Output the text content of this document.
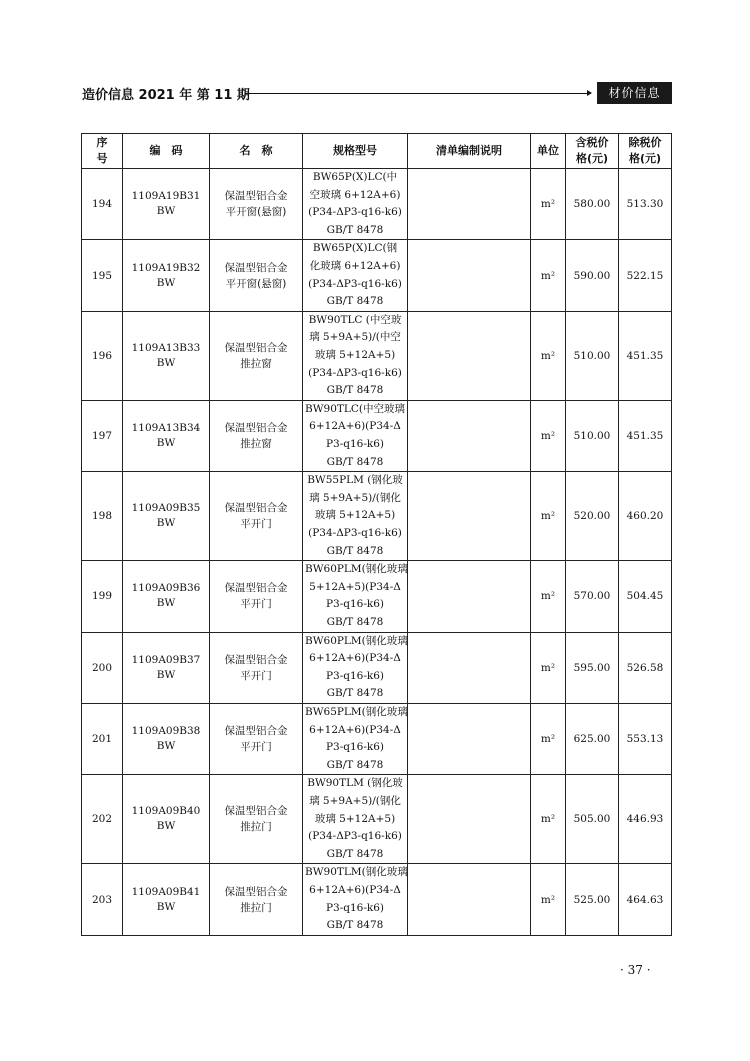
造价信息 2021 年 第 11 期	材价信息
序
号	编　码	名　称	规格型号	清单编制说明	单位	含税价
格(元)	除税价
格(元)
194	1109A19B31
BW	保温型铝合金
平开窗(悬窗)	BW65P(X)LC(中
空玻璃 6+12A+6)
(P34-ΔP3-q16-k6)
GB/T 8478		m²	580.00	513.30
195	1109A19B32
BW	保温型铝合金
平开窗(悬窗)	BW65P(X)LC(钢
化玻璃 6+12A+6)
(P34-ΔP3-q16-k6)
GB/T 8478		m²	590.00	522.15
196	1109A13B33
BW	保温型铝合金
推拉窗	BW90TLC (中空玻
璃 5+9A+5)/(中空
玻璃 5+12A+5)
(P34-ΔP3-q16-k6)
GB/T 8478		m²	510.00	451.35
197	1109A13B34
BW	保温型铝合金
推拉窗	BW90TLC(中空玻璃
6+12A+6)(P34-Δ
P3-q16-k6)
GB/T 8478		m²	510.00	451.35
198	1109A09B35
BW	保温型铝合金
平开门	BW55PLM (钢化玻
璃 5+9A+5)/(钢化
玻璃 5+12A+5)
(P34-ΔP3-q16-k6)
GB/T 8478		m²	520.00	460.20
199	1109A09B36
BW	保温型铝合金
平开门	BW60PLM(钢化玻璃
5+12A+5)(P34-Δ
P3-q16-k6)
GB/T 8478		m²	570.00	504.45
200	1109A09B37
BW	保温型铝合金
平开门	BW60PLM(钢化玻璃
6+12A+6)(P34-Δ
P3-q16-k6)
GB/T 8478		m²	595.00	526.58
201	1109A09B38
BW	保温型铝合金
平开门	BW65PLM(钢化玻璃
6+12A+6)(P34-Δ
P3-q16-k6)
GB/T 8478		m²	625.00	553.13
202	1109A09B40
BW	保温型铝合金
推拉门	BW90TLM (钢化玻
璃 5+9A+5)/(钢化
玻璃 5+12A+5)
(P34-ΔP3-q16-k6)
GB/T 8478		m²	505.00	446.93
203	1109A09B41
BW	保温型铝合金
推拉门	BW90TLM(钢化玻璃
6+12A+6)(P34-Δ
P3-q16-k6)
GB/T 8478		m²	525.00	464.63
· 37 ·
